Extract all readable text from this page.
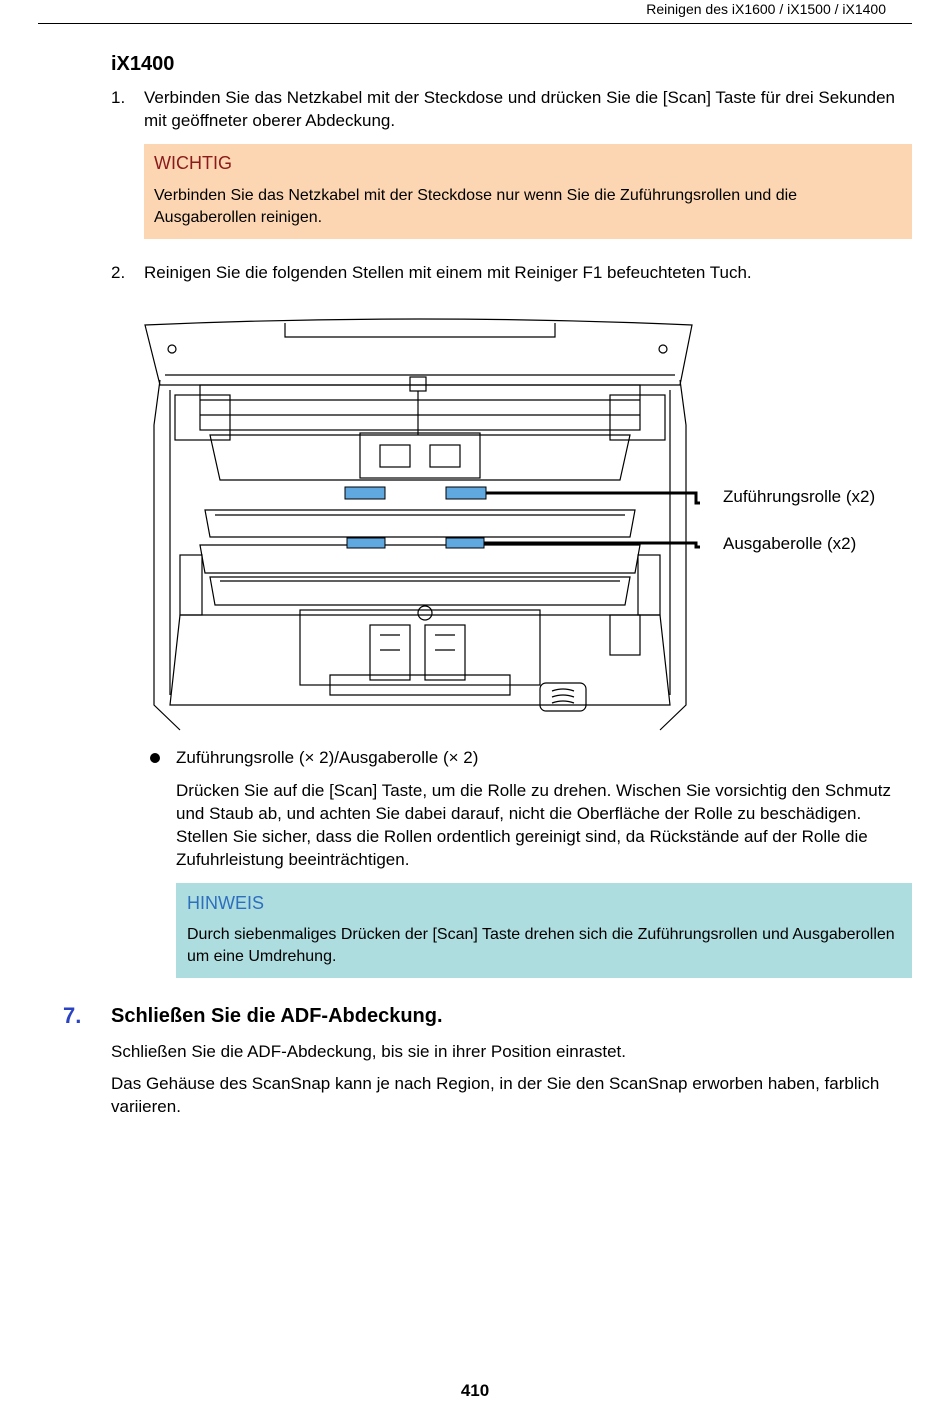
Reinigen des iX1600 / iX1500 / iX1400
iX1400
1. Verbinden Sie das Netzkabel mit der Steckdose und drücken Sie die [Scan] Taste für drei Sekunden mit geöffneter oberer Abdeckung.
WICHTIG
Verbinden Sie das Netzkabel mit der Steckdose nur wenn Sie die Zuführungsrollen und die Ausgaberollen reinigen.
2. Reinigen Sie die folgenden Stellen mit einem mit Reiniger F1 befeuchteten Tuch.
Zuführungsrolle (x2)
Ausgaberolle (x2)
Zuführungsrolle (× 2)/Ausgaberolle (× 2)
Drücken Sie auf die [Scan] Taste, um die Rolle zu drehen. Wischen Sie vorsichtig den Schmutz und Staub ab, und achten Sie dabei darauf, nicht die Oberfläche der Rolle zu beschädigen. Stellen Sie sicher, dass die Rollen ordentlich gereinigt sind, da Rückstände auf der Rolle die Zufuhrleistung beeinträchtigen.
HINWEIS
Durch siebenmaliges Drücken der [Scan] Taste drehen sich die Zuführungsrollen und Ausgaberollen um eine Umdrehung.
7. Schließen Sie die ADF-Abdeckung.
Schließen Sie die ADF-Abdeckung, bis sie in ihrer Position einrastet.
Das Gehäuse des ScanSnap kann je nach Region, in der Sie den ScanSnap erworben haben, farblich variieren.
410
